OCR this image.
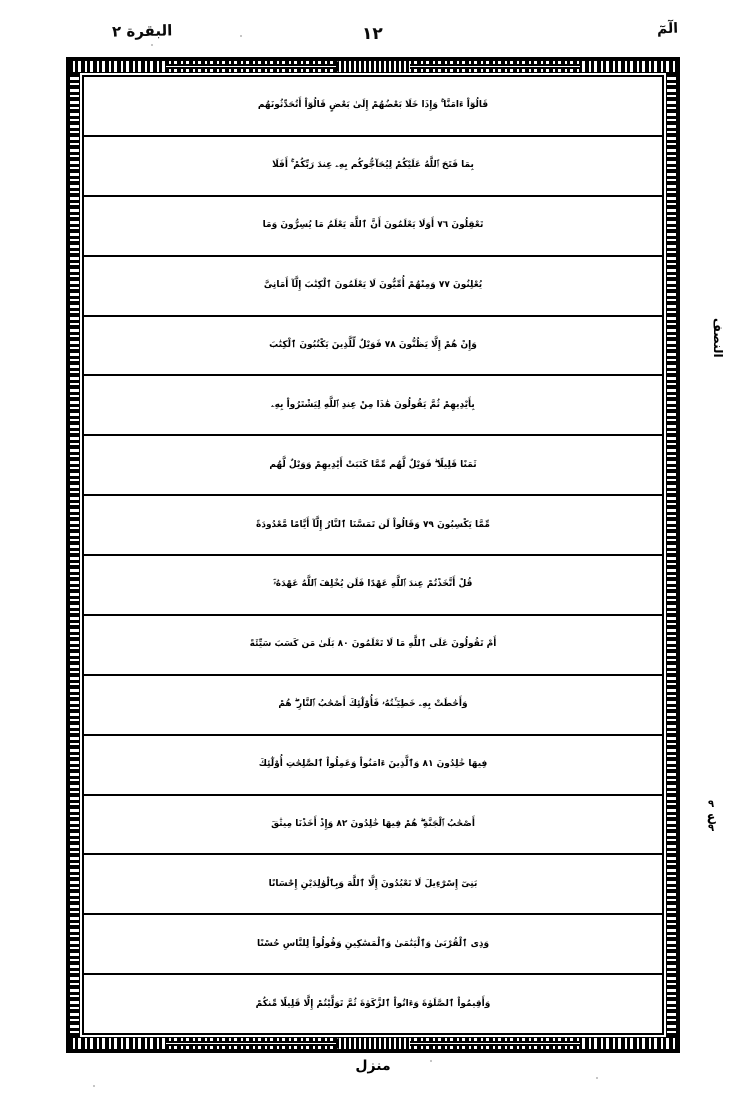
البقرة ٢	١٢	الٓمٓ
قَالُوٓاْ ءَامَنَّا ۚ وَإِذَا خَلَا بَعْضُهُمْ إِلَىٰ بَعْضٍ قَالُوٓاْ أَتُحَدِّثُونَهُم
بِمَا فَتَحَ ٱللَّهُ عَلَيْكُمْ لِيُحَآجُّوكُم بِهِۦ عِندَ رَبِّكُمْ ۚ أَفَلَا
تَعْقِلُونَ ٧٦ أَوَلَا يَعْلَمُونَ أَنَّ ٱللَّهَ يَعْلَمُ مَا يُسِرُّونَ وَمَا
يُعْلِنُونَ ٧٧ وَمِنْهُمْ أُمِّيُّونَ لَا يَعْلَمُونَ ٱلْكِتَٰبَ إِلَّآ أَمَانِىَّ
وَإِنْ هُمْ إِلَّا يَظُنُّونَ ٧٨ فَوَيْلٌ لِّلَّذِينَ يَكْتُبُونَ ٱلْكِتَٰبَ
بِأَيْدِيهِمْ ثُمَّ يَقُولُونَ هَٰذَا مِنْ عِندِ ٱللَّهِ لِيَشْتَرُواْ بِهِۦ
ثَمَنًا قَلِيلًا ۖ فَوَيْلٌ لَّهُم مِّمَّا كَتَبَتْ أَيْدِيهِمْ وَوَيْلٌ لَّهُم
مِّمَّا يَكْسِبُونَ ٧٩ وَقَالُواْ لَن تَمَسَّنَا ٱلنَّارُ إِلَّآ أَيَّامًا مَّعْدُودَةً
قُلْ أَتَّخَذْتُمْ عِندَ ٱللَّهِ عَهْدًا فَلَن يُخْلِفَ ٱللَّهُ عَهْدَهُۥٓ
أَمْ تَقُولُونَ عَلَى ٱللَّهِ مَا لَا تَعْلَمُونَ ٨٠ بَلَىٰ مَن كَسَبَ سَيِّئَةً
وَأَحَٰطَتْ بِهِۦ خَطِيٓـَٔتُهُۥ فَأُوْلَٰٓئِكَ أَصْحَٰبُ ٱلنَّارِ ۖ هُمْ
فِيهَا خَٰلِدُونَ ٨١ وَٱلَّذِينَ ءَامَنُواْ وَعَمِلُواْ ٱلصَّٰلِحَٰتِ أُوْلَٰٓئِكَ
أَصْحَٰبُ ٱلْجَنَّةِ ۖ هُمْ فِيهَا خَٰلِدُونَ ٨٢ وَإِذْ أَخَذْنَا مِيثَٰقَ
بَنِىٓ إِسْرَٰٓءِيلَ لَا تَعْبُدُونَ إِلَّا ٱللَّهَ وَبِٱلْوَٰلِدَيْنِ إِحْسَانًا
وَذِى ٱلْقُرْبَىٰ وَٱلْيَتَٰمَىٰ وَٱلْمَسَٰكِينِ وَقُولُواْ لِلنَّاسِ حُسْنًا
وَأَقِيمُواْ ٱلصَّلَوٰةَ وَءَاتُواْ ٱلزَّكَوٰةَ ثُمَّ تَوَلَّيْتُمْ إِلَّا قَلِيلًا مِّنكُمْ
النصف
٩
ع
٩
منزل
